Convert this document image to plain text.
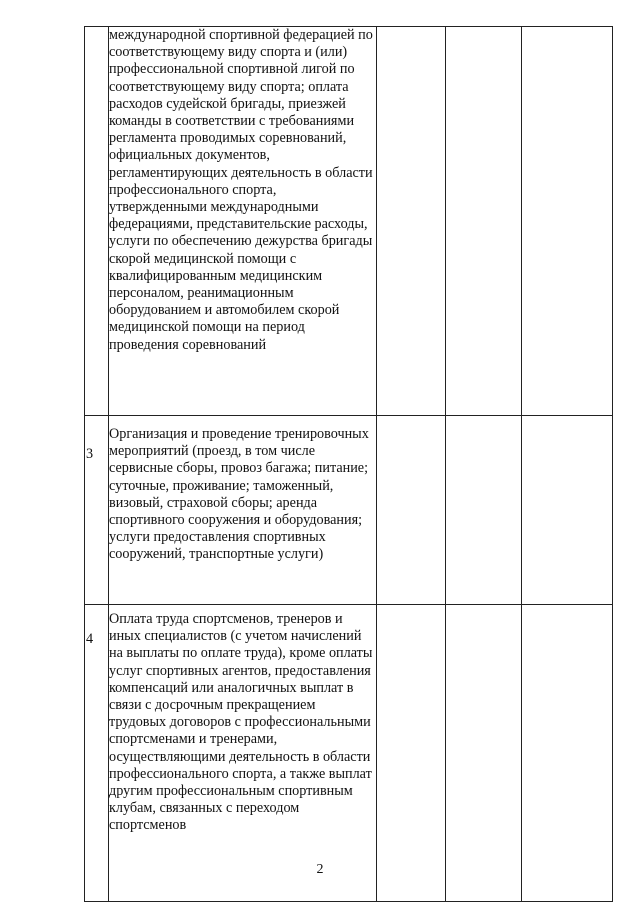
	международной спортивной федерацией по соответствующему виду спорта и (или) профессиональной спортивной лигой по соответствующему виду спорта; оплата расходов судейской бригады, приезжей команды в соответствии с требованиями регламента проводимых соревнований, официальных документов, регламентирующих деятельность в области профессионального спорта, утвержденными международными федерациями, представительские расходы, услуги по обеспечению дежурства бригады скорой медицинской помощи с квалифицированным медицинским персоналом, реанимационным оборудованием и автомобилем скорой медицинской помощи на период проведения соревнований			
3	Организация и проведение тренировочных мероприятий (проезд, в том числе сервисные сборы, провоз багажа; питание; суточные, проживание; таможенный, визовый, страховой сборы; аренда спортивного сооружения и оборудования; услуги предоставления спортивных сооружений, транспортные услуги)			
4	Оплата труда спортсменов, тренеров и иных специалистов (с учетом начислений на выплаты по оплате труда), кроме оплаты услуг спортивных агентов, предоставления компенсаций или аналогичных выплат в связи с досрочным прекращением трудовых договоров с профессиональными спортсменами и тренерами, осуществляющими деятельность в области профессионального спорта, а также выплат другим профессиональным спортивным клубам, связанных с переходом спортсменов			
2
